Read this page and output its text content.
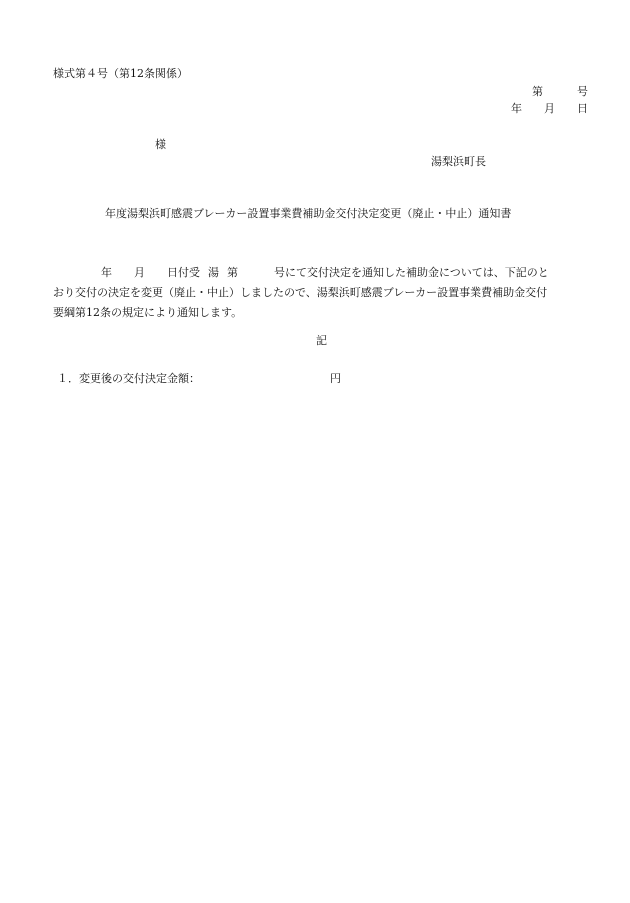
様式第４号（第12条関係）
第	号
年 月 日
様
湯梨浜町長
年度湯梨浜町感震ブレーカー設置事業費補助金交付決定変更（廃止・中止）通知書
年 月 日付受 湯 第	号にて交付決定を通知した補助金については、下記のと
おり交付の決定を変更（廃止・中止）しましたので、湯梨浜町感震ブレーカー設置事業費補助金交付
要綱第12条の規定により通知します。
記
１．変更後の交付決定金額：	円
